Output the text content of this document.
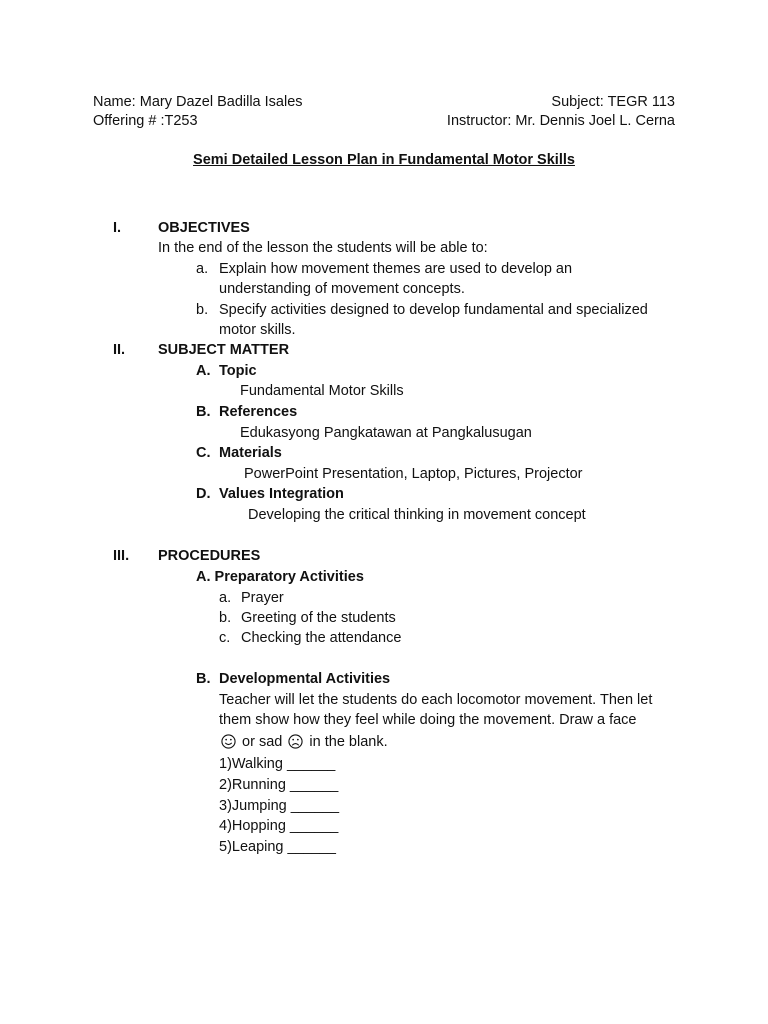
Name: Mary Dazel Badilla Isales	Subject: TEGR 113
Offering # :T253	Instructor: Mr. Dennis Joel L. Cerna
Semi Detailed Lesson Plan in Fundamental Motor Skills
I.	OBJECTIVES
In the end of the lesson the students will be able to:
a. Explain how movement themes are used to develop an
understanding of movement concepts.
b. Specify activities designed to develop fundamental and specialized
motor skills.
II. SUBJECT MATTER
A. Topic
Fundamental Motor Skills
B. References
Edukasyong Pangkatawan at Pangkalusugan
C. Materials
PowerPoint Presentation, Laptop, Pictures, Projector
D. Values Integration
Developing the critical thinking in movement concept
III. PROCEDURES
A. Preparatory Activities
a. Prayer
b. Greeting of the students
c. Checking the attendance
B. Developmental Activities
Teacher will let the students do each locomotor movement. Then let
them show how they feel while doing the movement. Draw a face
or sad in the blank.
1)Walking ______
2)Running ______
3)Jumping ______
4)Hopping ______
5)Leaping ______
